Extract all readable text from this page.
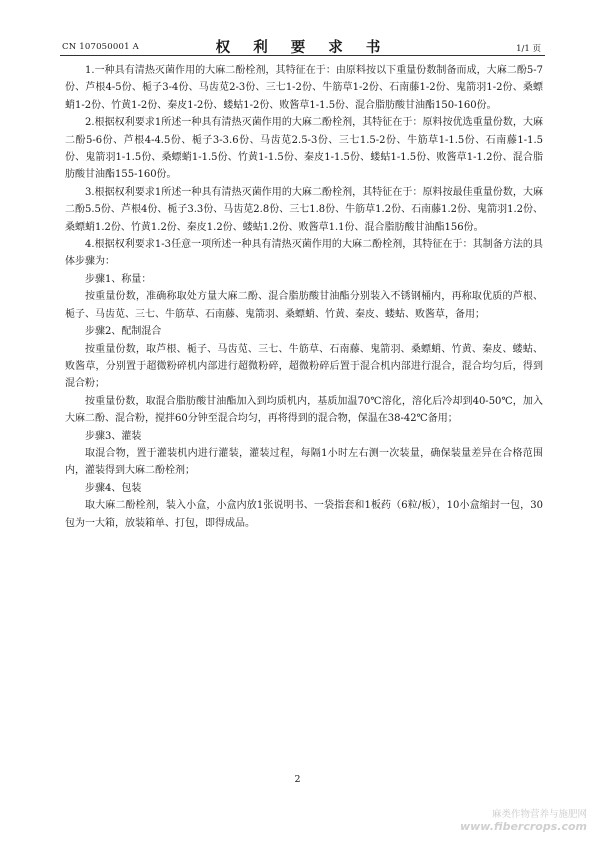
CN 107050001 A	权 利 要 求 书	1/1 页

1.一种具有清热灭菌作用的大麻二酚栓剂，其特征在于：由原料按以下重量份数制备而成，大麻二酚5-7份、芦根4-5份、栀子3-4份、马齿苋2-3份、三七1-2份、牛筋草1-2份、石南藤1-2份、鬼箭羽1-2份、桑螵蛸1-2份、竹黄1-2份、秦皮1-2份、蝼蛄1-2份、败酱草1-1.5份、混合脂肪酸甘油酯150-160份。

2.根据权利要求1所述一种具有清热灭菌作用的大麻二酚栓剂，其特征在于：原料按优选重量份数，大麻二酚5-6份、芦根4-4.5份、栀子3-3.6份、马齿苋2.5-3份、三七1.5-2份、牛筋草1-1.5份、石南藤1-1.5份、鬼箭羽1-1.5份、桑螵蛸1-1.5份、竹黄1-1.5份、秦皮1-1.5份、蝼蛄1-1.5份、败酱草1-1.2份、混合脂肪酸甘油酯155-160份。

3.根据权利要求1所述一种具有清热灭菌作用的大麻二酚栓剂，其特征在于：原料按最佳重量份数，大麻二酚5.5份、芦根4份、栀子3.3份、马齿苋2.8份、三七1.8份、牛筋草1.2份、石南藤1.2份、鬼箭羽1.2份、桑螵蛸1.2份、竹黄1.2份、秦皮1.2份、蝼蛄1.2份、败酱草1.1份、混合脂肪酸甘油酯156份。

4.根据权利要求1-3任意一项所述一种具有清热灭菌作用的大麻二酚栓剂，其特征在于：其制备方法的具体步骤为：

步骤1、称量：

按重量份数，准确称取处方量大麻二酚、混合脂肪酸甘油酯分别装入不锈钢桶内，再称取优质的芦根、栀子、马齿苋、三七、牛筋草、石南藤、鬼箭羽、桑螵蛸、竹黄、秦皮、蝼蛄、败酱草，备用；

步骤2、配制混合

按重量份数，取芦根、栀子、马齿苋、三七、牛筋草、石南藤、鬼箭羽、桑螵蛸、竹黄、秦皮、蝼蛄、败酱草，分别置于超微粉碎机内部进行超微粉碎，超微粉碎后置于混合机内部进行混合，混合均匀后，得到混合粉；

按重量份数，取混合脂肪酸甘油酯加入到均质机内，基质加温70℃溶化，溶化后冷却到40-50℃，加入大麻二酚、混合粉，搅拌60分钟至混合均匀，再将得到的混合物，保温在38-42℃备用；

步骤3、灌装

取混合物，置于灌装机内进行灌装，灌装过程，每隔1小时左右测一次装量，确保装量差异在合格范围内，灌装得到大麻二酚栓剂；

步骤4、包装

取大麻二酚栓剂，装入小盒，小盒内放1张说明书、一袋指套和1板药（6粒/板），10小盒缩封一包，30包为一大箱，放装箱单、打包，即得成品。

2
麻类作物营养与施肥网
www.fibercrops.com
